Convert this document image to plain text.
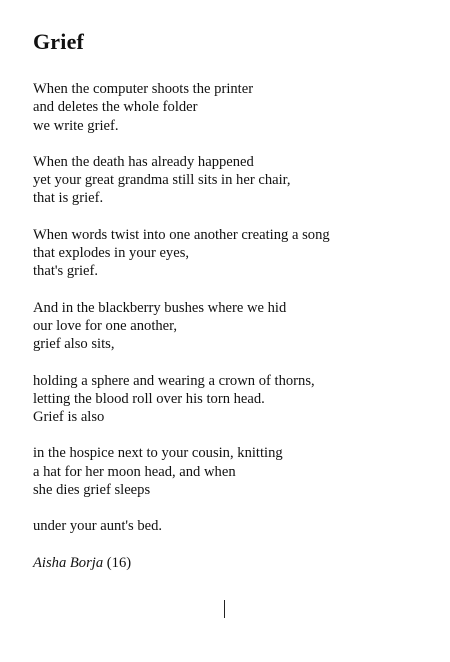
Grief
When the computer shoots the printer
and deletes the whole folder
we write grief.
When the death has already happened
yet your great grandma still sits in her chair,
that is grief.
When words twist into one another creating a song
that explodes in your eyes,
that's grief.
And in the blackberry bushes where we hid
our love for one another,
grief also sits,
holding a sphere and wearing a crown of thorns,
letting the blood roll over his torn head.
Grief is also
in the hospice next to your cousin, knitting
a hat for her moon head, and when
she dies grief sleeps
under your aunt's bed.
Aisha Borja (16)
